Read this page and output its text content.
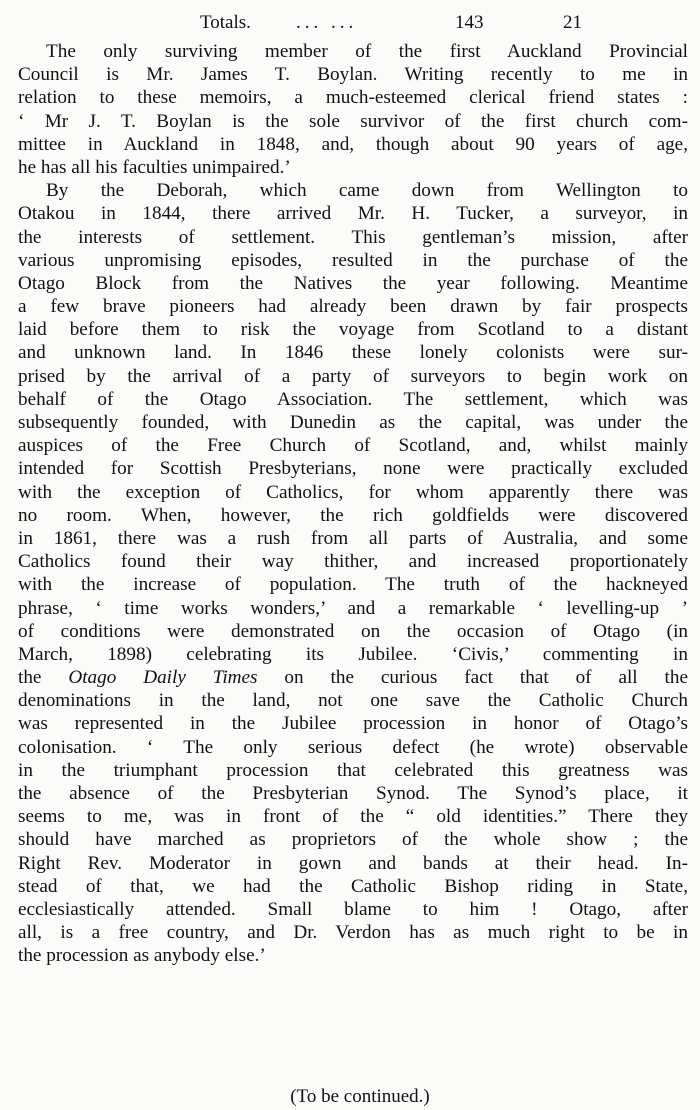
Totals. ... ...	143	21
The only surviving member of the first Auckland Provincial
Council is Mr. James T. Boylan. Writing recently to me in
relation to these memoirs, a much-esteemed clerical friend states :
‘ Mr J. T. Boylan is the sole survivor of the first church com-
mittee in Auckland in 1848, and, though about 90 years of age,
he has all his faculties unimpaired.’
By the Deborah, which came down from Wellington to
Otakou in 1844, there arrived Mr. H. Tucker, a surveyor, in
the interests of settlement. This gentleman’s mission, after
various unpromising episodes, resulted in the purchase of the
Otago Block from the Natives the year following. Meantime
a few brave pioneers had already been drawn by fair prospects
laid before them to risk the voyage from Scotland to a distant
and unknown land. In 1846 these lonely colonists were sur-
prised by the arrival of a party of surveyors to begin work on
behalf of the Otago Association. The settlement, which was
subsequently founded, with Dunedin as the capital, was under the
auspices of the Free Church of Scotland, and, whilst mainly
intended for Scottish Presbyterians, none were practically excluded
with the exception of Catholics, for whom apparently there was
no room. When, however, the rich goldfields were discovered
in 1861, there was a rush from all parts of Australia, and some
Catholics found their way thither, and increased proportionately
with the increase of population. The truth of the hackneyed
phrase, ‘ time works wonders,’ and a remarkable ‘ levelling-up ’
of conditions were demonstrated on the occasion of Otago (in
March, 1898) celebrating its Jubilee. ‘Civis,’ commenting in
the Otago Daily Times on the curious fact that of all the
denominations in the land, not one save the Catholic Church
was represented in the Jubilee procession in honor of Otago’s
colonisation. ‘ The only serious defect (he wrote) observable
in the triumphant procession that celebrated this greatness was
the absence of the Presbyterian Synod. The Synod’s place, it
seems to me, was in front of the “ old identities.” There they
should have marched as proprietors of the whole show ; the
Right Rev. Moderator in gown and bands at their head. In-
stead of that, we had the Catholic Bishop riding in State,
ecclesiastically attended. Small blame to him ! Otago, after
all, is a free country, and Dr. Verdon has as much right to be in
the procession as anybody else.’
(To be continued.)
